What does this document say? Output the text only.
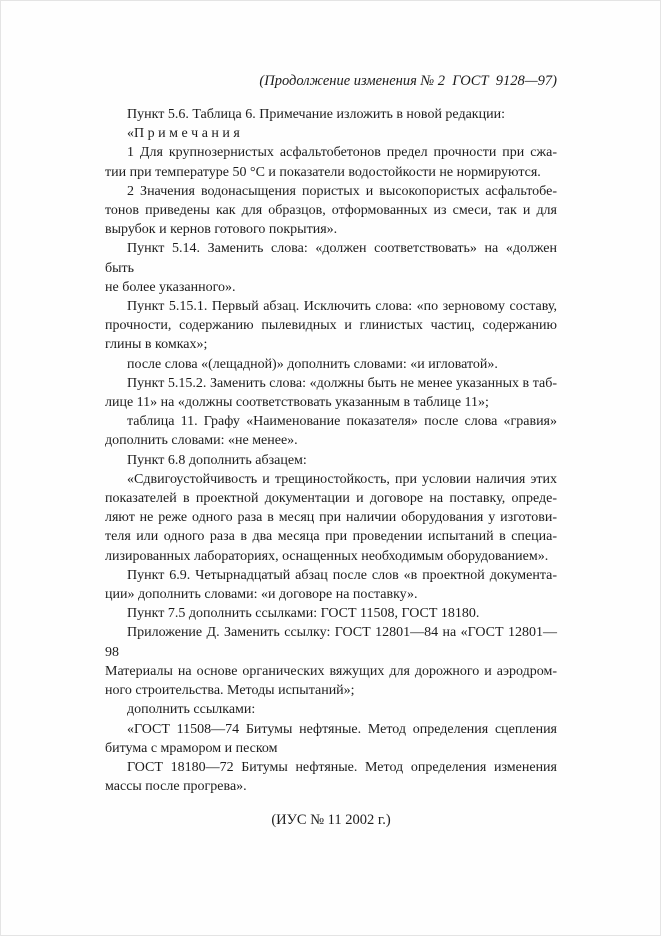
(Продолжение изменения № 2  ГОСТ  9128—97)
Пункт 5.6. Таблица 6. Примечание изложить в новой редакции:
«П р и м е ч а н и я
1 Для крупнозернистых асфальтобетонов предел прочности при сжа-
тии при температуре 50 °С и показатели водостойкости не нормируются.
2 Значения водонасыщения пористых и высокопористых асфальтобе-
тонов приведены как для образцов, отформованных из смеси, так и для
вырубок и кернов готового покрытия».
Пункт 5.14. Заменить слова: «должен соответствовать» на «должен быть
не более указанного».
Пункт 5.15.1. Первый абзац. Исключить слова: «по зерновому составу,
прочности, содержанию пылевидных и глинистых частиц, содержанию
глины в комках»;
после слова «(лещадной)» дополнить словами: «и игловатой».
Пункт 5.15.2. Заменить слова: «должны быть не менее указанных в таб-
лице 11» на «должны соответствовать указанным в таблице 11»;
таблица 11. Графу «Наименование показателя» после слова «гравия»
дополнить словами: «не менее».
Пункт 6.8 дополнить абзацем:
«Сдвигоустойчивость и трещиностойкость, при условии наличия этих
показателей в проектной документации и договоре на поставку, опреде-
ляют не реже одного раза в месяц при наличии оборудования у изготови-
теля или одного раза в два месяца при проведении испытаний в специа-
лизированных лабораториях, оснащенных необходимым оборудованием».
Пункт 6.9. Четырнадцатый абзац после слов «в проектной документа-
ции» дополнить словами: «и договоре на поставку».
Пункт 7.5 дополнить ссылками: ГОСТ 11508, ГОСТ 18180.
Приложение Д. Заменить ссылку: ГОСТ 12801—84 на «ГОСТ 12801—98
Материалы на основе органических вяжущих для дорожного и аэродром-
ного строительства. Методы испытаний»;
дополнить ссылками:
«ГОСТ 11508—74 Битумы нефтяные. Метод определения сцепления
битума с мрамором и песком
ГОСТ 18180—72 Битумы нефтяные. Метод определения изменения
массы после прогрева».
(ИУС № 11 2002 г.)
